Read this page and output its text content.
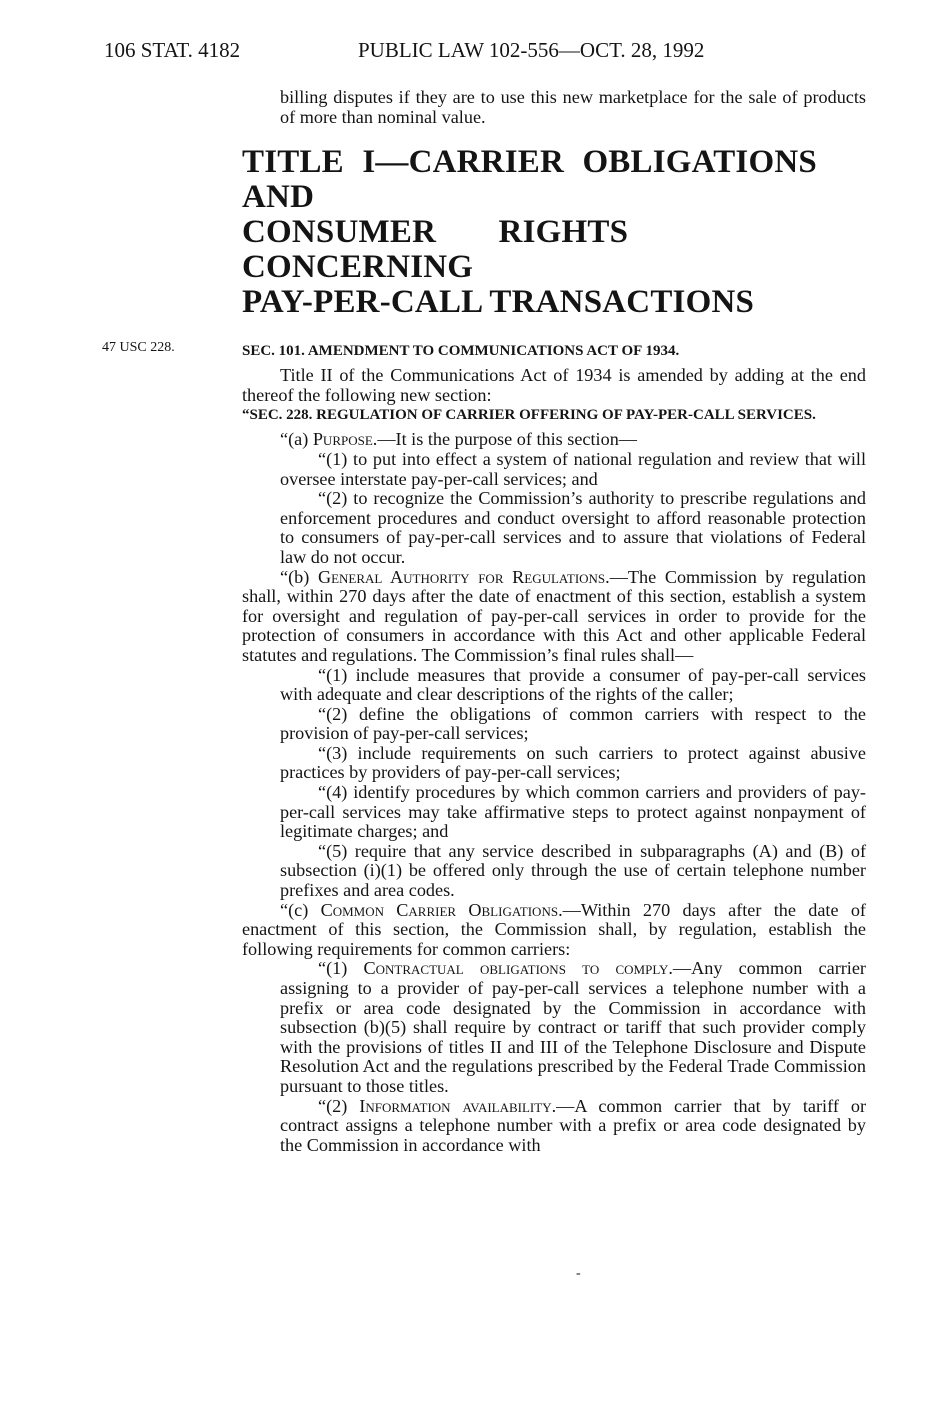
106 STAT. 4182	PUBLIC LAW 102-556—OCT. 28, 1992
47 USC 228.

billing disputes if they are to use this new marketplace for the sale of products of more than nominal value.

TITLE I—CARRIER OBLIGATIONS AND
CONSUMER RIGHTS CONCERNING
PAY-PER-CALL TRANSACTIONS

SEC. 101. AMENDMENT TO COMMUNICATIONS ACT OF 1934.

Title II of the Communications Act of 1934 is amended by adding at the end thereof the following new section:

“SEC. 228. REGULATION OF CARRIER OFFERING OF PAY-PER-CALL SERVICES.

“(a) Purpose.—It is the purpose of this section—

“(1) to put into effect a system of national regulation and review that will oversee interstate pay-per-call services; and

“(2) to recognize the Commission’s authority to prescribe regulations and enforcement procedures and conduct oversight to afford reasonable protection to consumers of pay-per-call services and to assure that violations of Federal law do not occur.

“(b) General Authority for Regulations.—The Commission by regulation shall, within 270 days after the date of enactment of this section, establish a system for oversight and regulation of pay-per-call services in order to provide for the protection of consumers in accordance with this Act and other applicable Federal statutes and regulations. The Commission’s final rules shall—

“(1) include measures that provide a consumer of pay-per-call services with adequate and clear descriptions of the rights of the caller;

“(2) define the obligations of common carriers with respect to the provision of pay-per-call services;

“(3) include requirements on such carriers to protect against abusive practices by providers of pay-per-call services;

“(4) identify procedures by which common carriers and providers of pay-per-call services may take affirmative steps to protect against nonpayment of legitimate charges; and

“(5) require that any service described in subparagraphs (A) and (B) of subsection (i)(1) be offered only through the use of certain telephone number prefixes and area codes.

“(c) Common Carrier Obligations.—Within 270 days after the date of enactment of this section, the Commission shall, by regulation, establish the following requirements for common carriers:

“(1) Contractual obligations to comply.—Any common carrier assigning to a provider of pay-per-call services a telephone number with a prefix or area code designated by the Commission in accordance with subsection (b)(5) shall require by contract or tariff that such provider comply with the provisions of titles II and III of the Telephone Disclosure and Dispute Resolution Act and the regulations prescribed by the Federal Trade Commission pursuant to those titles.

“(2) Information availability.—A common carrier that by tariff or contract assigns a telephone number with a prefix or area code designated by the Commission in accordance with

-
